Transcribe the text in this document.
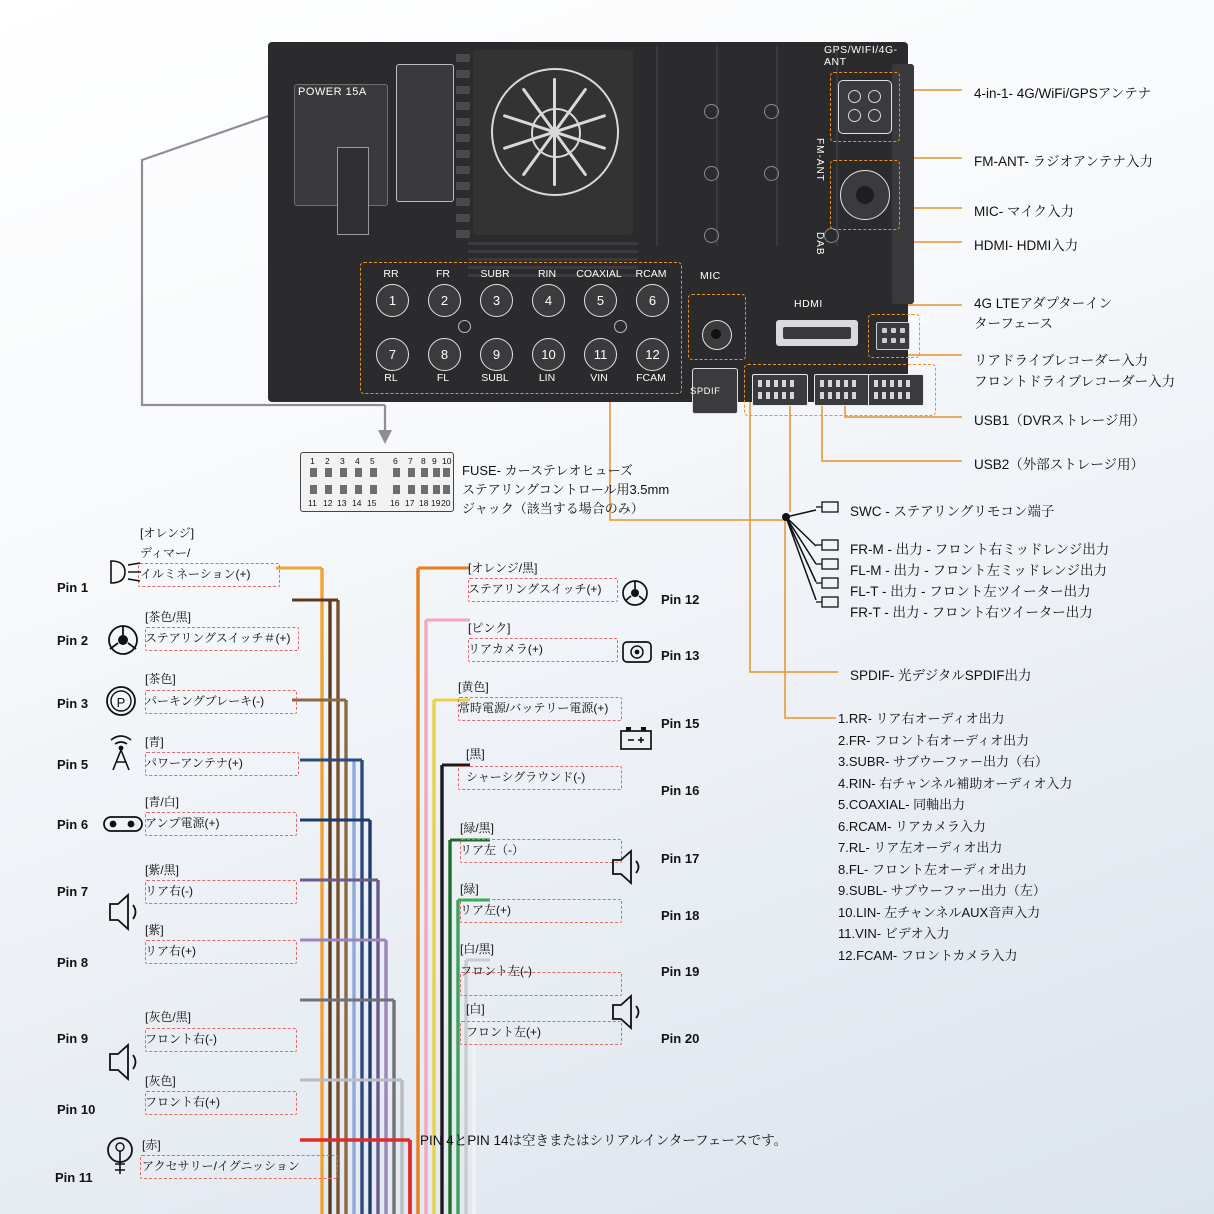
POWER 15A
GPS/WIFI/4G-ANT
FM-ANT
DAB
RR	FR	SUBR	RIN	COAXIAL	RCAM
1	2	3	4	5	6
7	8	9	10	11	12
RL	FL	SUBL	LIN	VIN	FCAM
MIC
HDMI
SIM
SPDIF
4-in-1- 4G/WiFi/GPSアンテナ
FM-ANT- ラジオアンテナ入力
MIC- マイク入力
HDMI- HDMI入力
4G LTEアダプターイン
ターフェース
リアドライブレコーダー入力
フロントドライブレコーダー入力
USB1（DVRストレージ用）
USB2（外部ストレージ用）
SPDIF- 光デジタルSPDIF出力
SWC - ステアリングリモコン端子
FR-M - 出力 - フロント右ミッドレンジ出力
FL-M - 出力 - フロント左ミッドレンジ出力
FL-T - 出力 - フロント左ツイーター出力
FR-T - 出力 - フロント右ツイーター出力
1.RR- リア右オーディオ出力
2.FR- フロント右オーディオ出力
3.SUBR- サブウーファー出力（右）
4.RIN- 右チャンネル補助オーディオ入力
5.COAXIAL- 同軸出力
6.RCAM- リアカメラ入力
7.RL- リア左オーディオ出力
8.FL- フロント左オーディオ出力
9.SUBL- サブウーファー出力（左）
10.LIN- 左チャンネルAUX音声入力
11.VIN- ビデオ入力
12.FCAM- フロントカメラ入力
1 2 3 4 5 6 7 8 9 10
11 12 13 14 15 16 17 18 19 20
FUSE- カーステレオヒューズ
ステアリングコントロール用3.5mm
ジャック（該当する場合のみ）
[オレンジ]
ディマー/
イルミネーション(+)
Pin 1
[茶色/黒]
ステアリングスイッチ＃(+)
Pin 2
[茶色]
パーキングブレーキ(-)
Pin 3 P
[青]
パワーアンテナ(+)
Pin 5
[青/白]
アンプ電源(+)
Pin 6
[紫/黒]
リア右(-)
Pin 7
[紫]
リア右(+)
Pin 8
[灰色/黒]
フロント右(-)
Pin 9
[灰色]
フロント右(+)
Pin 10
[赤]
アクセサリー/イグニッション
Pin 11
[オレンジ/黒]
ステアリングスイッチ(+)
Pin 12
[ピンク]
リアカメラ(+)	Pin 13
[黄色]
常時電源/バッテリー電源(+)
Pin 15
[黒]
シャーシグラウンド(-)
Pin 16
[緑/黒]
リア左（-）
Pin 17
[緑]
リア左(+)	Pin 18
[白/黒]
フロント左(-)	Pin 19
[白]
フロント左(+)	Pin 20
PIN 4とPIN 14は空きまたはシリアルインターフェースです。
